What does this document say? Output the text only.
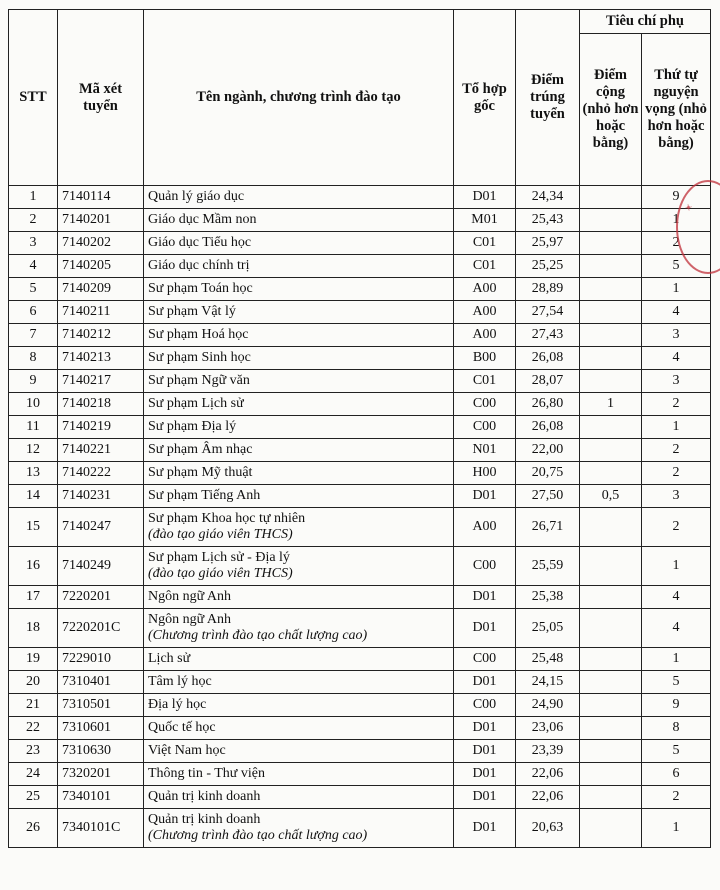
STT	Mã xét tuyển	Tên ngành, chương trình đào tạo	Tổ hợp gốc	Điểm trúng tuyển	Tiêu chí phụ	
					Điểm cộng (nhỏ hơn hoặc bằng)	Thứ tự nguyện vọng (nhỏ hơn hoặc bằng)
1	7140114	Quản lý giáo dục	D01	24,34		9
2	7140201	Giáo dục Mầm non	M01	25,43		1
3	7140202	Giáo dục Tiểu học	C01	25,97		2
4	7140205	Giáo dục chính trị	C01	25,25		5
5	7140209	Sư phạm Toán học	A00	28,89		1
6	7140211	Sư phạm Vật lý	A00	27,54		4
7	7140212	Sư phạm Hoá học	A00	27,43		3
8	7140213	Sư phạm Sinh học	B00	26,08		4
9	7140217	Sư phạm Ngữ văn	C01	28,07		3
10	7140218	Sư phạm Lịch sử	C00	26,80	1	2
11	7140219	Sư phạm Địa lý	C00	26,08		1
12	7140221	Sư phạm Âm nhạc	N01	22,00		2
13	7140222	Sư phạm Mỹ thuật	H00	20,75		2
14	7140231	Sư phạm Tiếng Anh	D01	27,50	0,5	3
15	7140247	Sư phạm Khoa học tự nhiên
(đào tạo giáo viên THCS)	A00	26,71		2
16	7140249	Sư phạm Lịch sử - Địa lý
(đào tạo giáo viên THCS)	C00	25,59		1
17	7220201	Ngôn ngữ Anh	D01	25,38		4
18	7220201C	Ngôn ngữ Anh
(Chương trình đào tạo chất lượng cao)	D01	25,05		4
19	7229010	Lịch sử	C00	25,48		1
20	7310401	Tâm lý học	D01	24,15		5
21	7310501	Địa lý học	C00	24,90		9
22	7310601	Quốc tế học	D01	23,06		8
23	7310630	Việt Nam học	D01	23,39		5
24	7320201	Thông tin - Thư viện	D01	22,06		6
25	7340101	Quản trị kinh doanh	D01	22,06		2
26	7340101C	Quản trị kinh doanh
(Chương trình đào tạo chất lượng cao)	D01	20,63		1
✦
